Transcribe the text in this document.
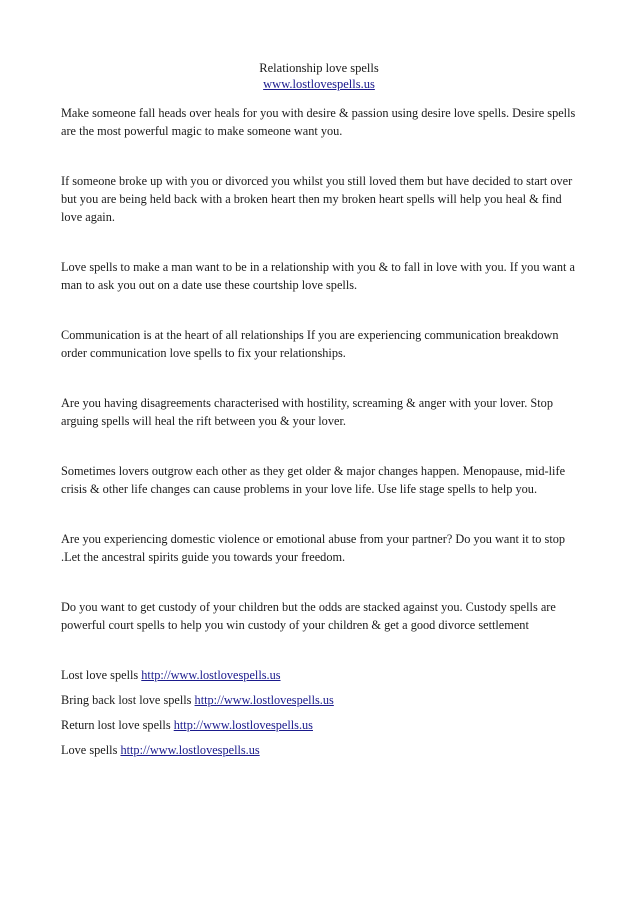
Relationship love spells
www.lostlovespells.us

Make someone fall heads over heals for you with desire & passion using desire love spells. Desire spells are the most powerful magic to make someone want you.

If someone broke up with you or divorced you whilst you still loved them but have decided to start over but you are being held back with a broken heart then my broken heart spells will help you heal & find love again.

Love spells to make a man want to be in a relationship with you & to fall in love with you. If you want a man to ask you out on a date use these courtship love spells.

Communication is at the heart of all relationships If you are experiencing communication breakdown order communication love spells to fix your relationships.

Are you having disagreements characterised with hostility, screaming & anger with your lover. Stop arguing spells will heal the rift between you & your lover.

Sometimes lovers outgrow each other as they get older & major changes happen. Menopause, mid-life crisis & other life changes can cause problems in your love life. Use life stage spells to help you.

Are you experiencing domestic violence or emotional abuse from your partner? Do you want it to stop .Let the ancestral spirits guide you towards your freedom.

Do you want to get custody of your children but the odds are stacked against you. Custody spells are powerful court spells to help you win custody of your children & get a good divorce settlement

Lost love spells http://www.lostlovespells.us
Bring back lost love spells http://www.lostlovespells.us
Return lost love spells http://www.lostlovespells.us
Love spells http://www.lostlovespells.us
